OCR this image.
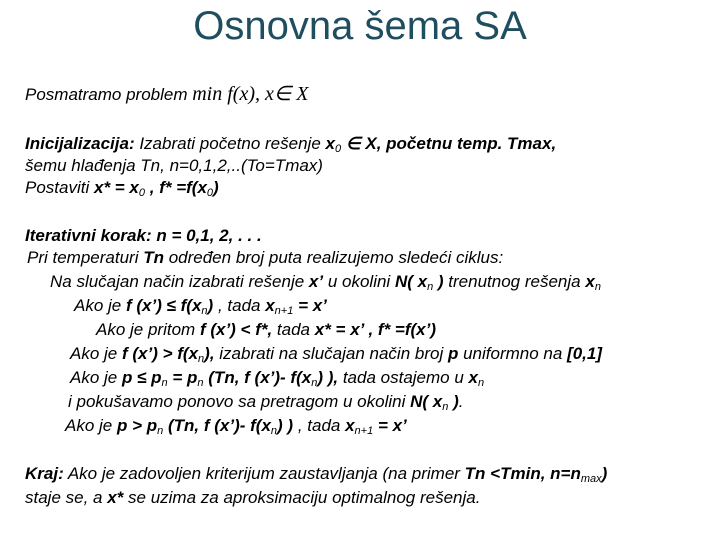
Osnovna šema SA
Posmatramo problem min f(x), x∈ X
Inicijalizacija: Izabrati početno rešenje $x_0$ ∈ X, početnu temp. Tmax,
šemu hlađenja Tn, n=0,1,2,..(To=Tmax)
Postaviti $x* = x_0$ , $f* =f(x_0)$
Iterativni korak: n = 0,1, 2, . . .
Pri temperaturi Tn određen broj puta realizujemo sledeći ciklus:
Na slučajan način izabrati rešenje x’ u okolini N( $x_n$ ) trenutnog rešenja $x_n$
Ako je f (x’) ≤ $f(x_n)$ , tada $x_{n+1} = x$’
Ako je pritom f (x’) < f*, tada x* = x’ , f* =f(x’)
Ako je f (x’) > $f(x_n)$, izabrati na slučajan način broj p uniformno na [0,1]
Ako je $p \le p_n = p_n$ (Tn, f (x’)- $f(x_n)$ ), tada ostajemo u $x_n$
i pokušavamo ponovo sa pretragom u okolini N( $x_n$ ).
Ako je $p > p_n$ (Tn, f (x’)- $f(x_n)$ ) , tada $x_{n+1} = x$’
Kraj: Ako je zadovoljen kriterijum zaustavljanja (na primer Tn <Tmin, $n=n_{max}$)
staje se, a x* se uzima za aproksimaciju optimalnog rešenja.
